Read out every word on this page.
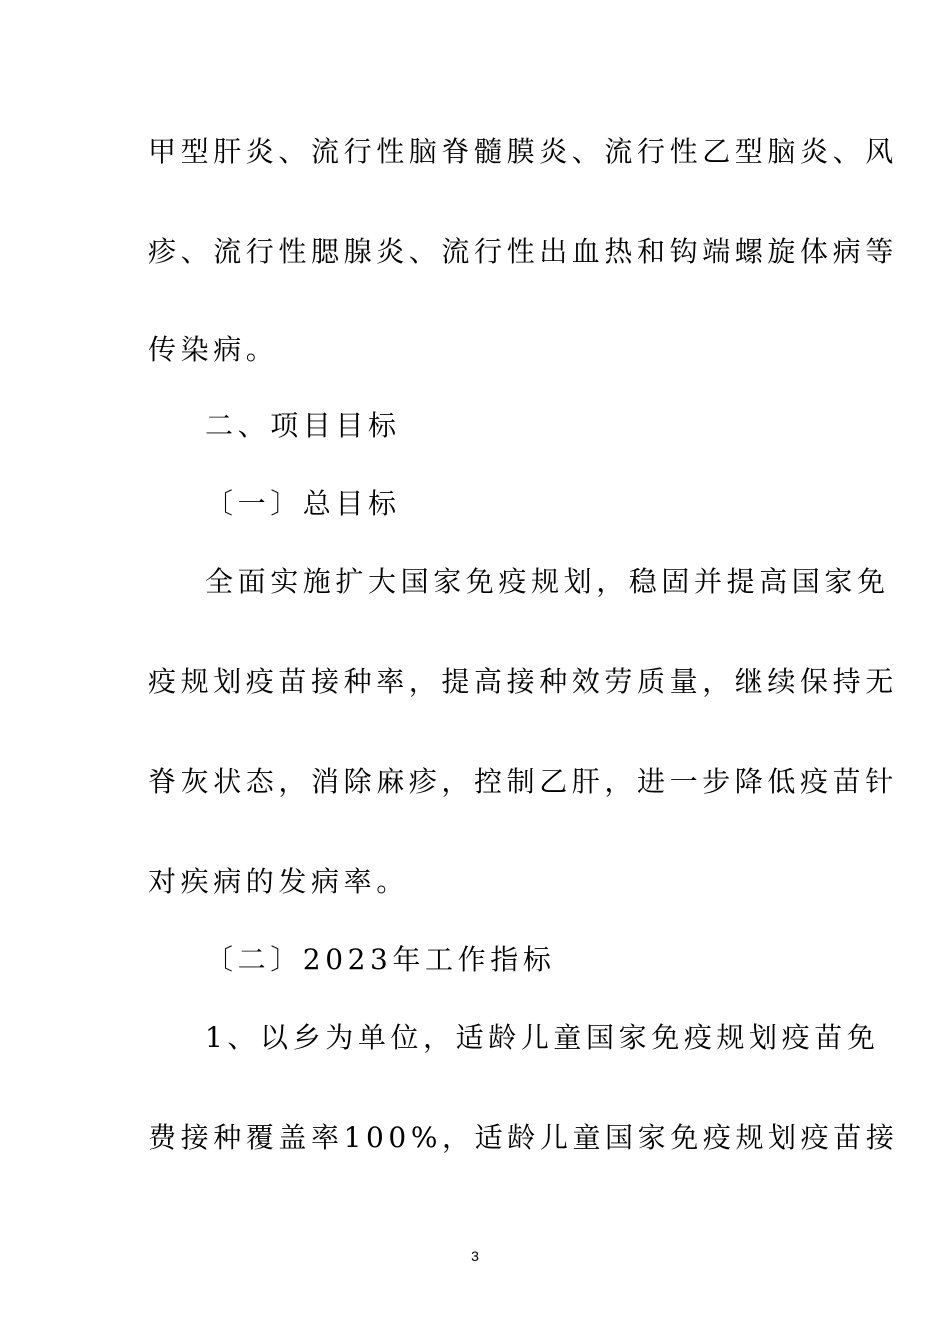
甲型肝炎、流行性脑脊髓膜炎、流行性乙型脑炎、风
疹、流行性腮腺炎、流行性出血热和钩端螺旋体病等
传染病。
二、项目目标
〔一〕总目标
全面实施扩大国家免疫规划，稳固并提高国家免
疫规划疫苗接种率，提高接种效劳质量，继续保持无
脊灰状态，消除麻疹，控制乙肝，进一步降低疫苗针
对疾病的发病率。
〔二〕2023年工作指标
1、以乡为单位，适龄儿童国家免疫规划疫苗免
费接种覆盖率100%，适龄儿童国家免疫规划疫苗接
3
